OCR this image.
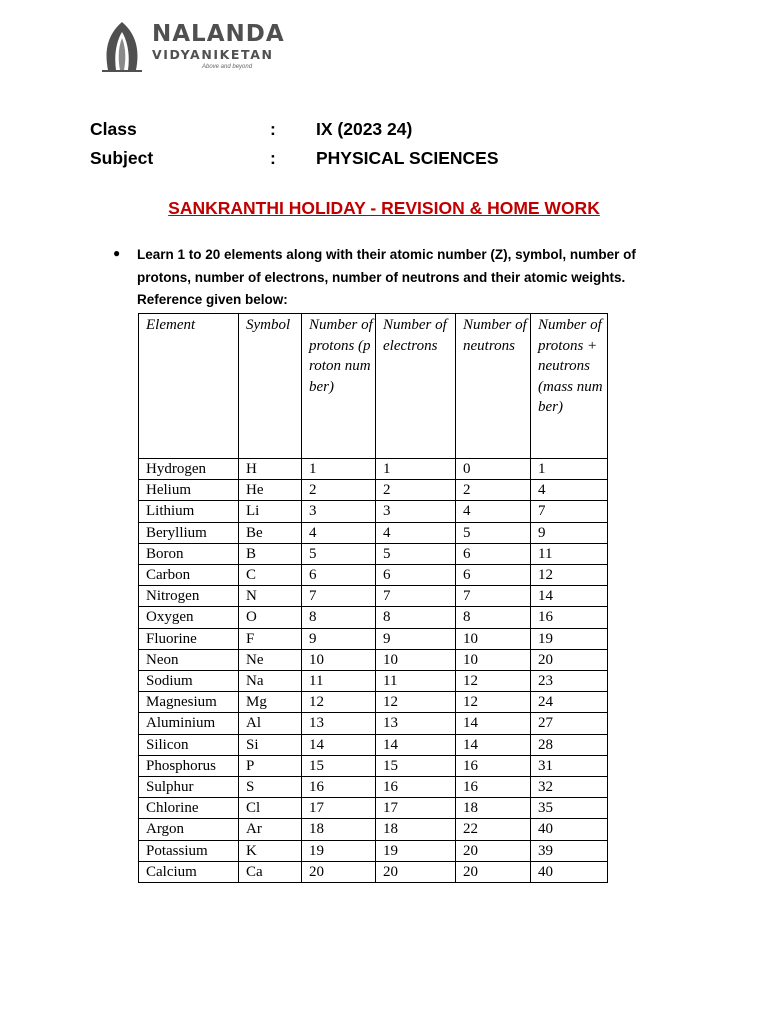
NALANDA
VIDYANIKETAN
Above and beyond
Class	: IX (2023 24)
Subject	: PHYSICAL SCIENCES
SANKRANTHI HOLIDAY - REVISION & HOME WORK
● Learn 1 to 20 elements along with their atomic number (Z), symbol, number of protons, number of electrons, number of neutrons and their atomic weights. Reference given below:
Element	Symbol	Number of protons (proton number)	Number of electrons	Number of neutrons	Number of protons + neutrons (mass number)
Hydrogen	H	1	1	0	1
Helium	He	2	2	2	4
Lithium	Li	3	3	4	7
Beryllium	Be	4	4	5	9
Boron	B	5	5	6	11
Carbon	C	6	6	6	12
Nitrogen	N	7	7	7	14
Oxygen	O	8	8	8	16
Fluorine	F	9	9	10	19
Neon	Ne	10	10	10	20
Sodium	Na	11	11	12	23
Magnesium	Mg	12	12	12	24
Aluminium	Al	13	13	14	27
Silicon	Si	14	14	14	28
Phosphorus	P	15	15	16	31
Sulphur	S	16	16	16	32
Chlorine	Cl	17	17	18	35
Argon	Ar	18	18	22	40
Potassium	K	19	19	20	39
Calcium	Ca	20	20	20	40
